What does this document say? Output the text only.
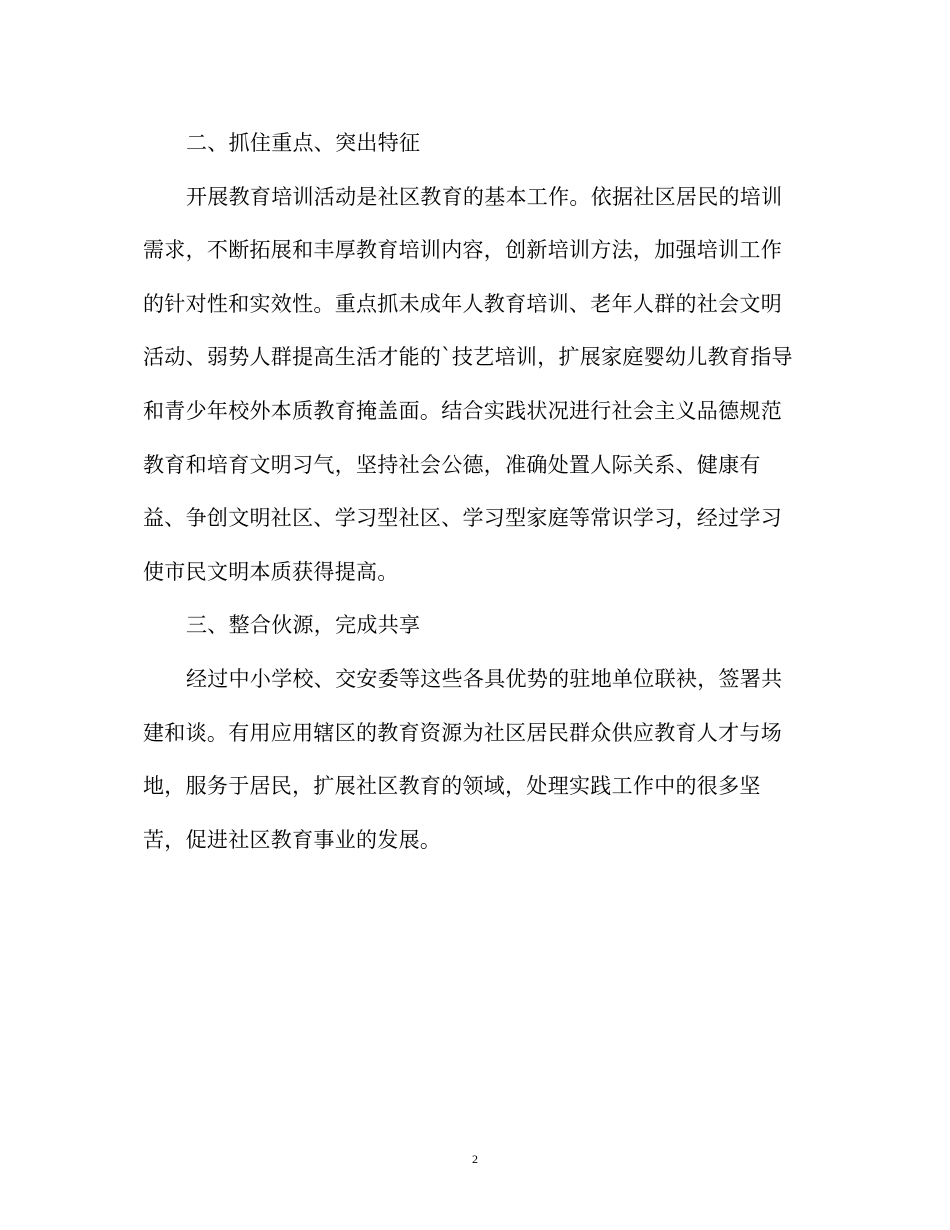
二、抓住重点、突出特征
开展教育培训活动是社区教育的基本工作。依据社区居民的培训
需求，不断拓展和丰厚教育培训内容，创新培训方法，加强培训工作
的针对性和实效性。重点抓未成年人教育培训、老年人群的社会文明
活动、弱势人群提高生活才能的`技艺培训，扩展家庭婴幼儿教育指导
和青少年校外本质教育掩盖面。结合实践状况进行社会主义品德规范
教育和培育文明习气，坚持社会公德，准确处置人际关系、健康有
益、争创文明社区、学习型社区、学习型家庭等常识学习，经过学习
使市民文明本质获得提高。
三、整合伙源，完成共享
经过中小学校、交安委等这些各具优势的驻地单位联袂，签署共
建和谈。有用应用辖区的教育资源为社区居民群众供应教育人才与场
地，服务于居民，扩展社区教育的领域，处理实践工作中的很多坚
苦，促进社区教育事业的发展。
2
